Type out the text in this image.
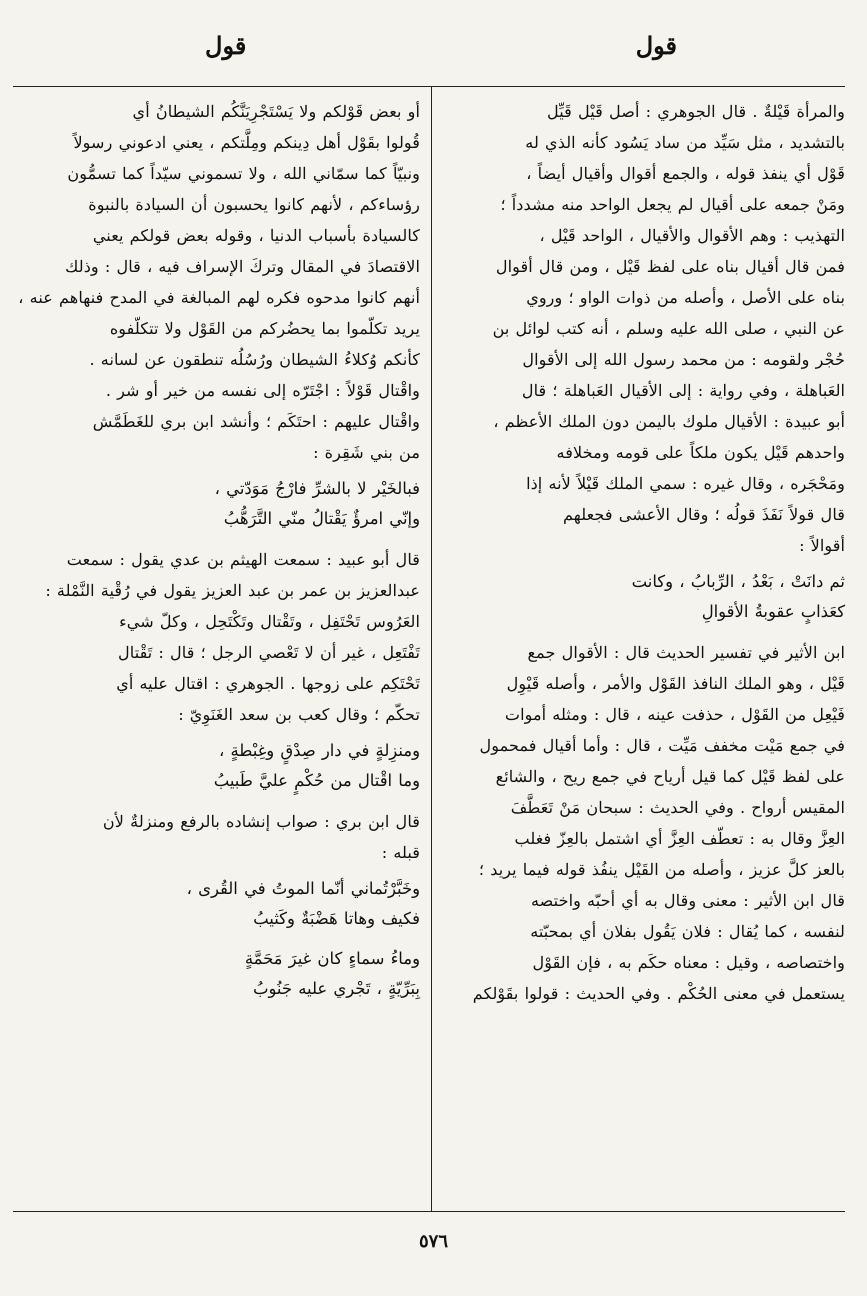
قول
قول
والمرأة قَيْلةٌ . قال الجوهري : أصل قَيْل قَيِّل
بالتشديد ، مثل سَيِّد من ساد يَسُود كأنه الذي له
قَوْل أي ينفذ قوله ، والجمع أقوال وأقيال أيضاً ،
ومَنْ جمعه على أقيال لم يجعل الواحد منه مشدداً ؛
التهذيب : وهم الأقوال والأقيال ، الواحد قَيْل ،
فمن قال أقيال بناه على لفظ قَيْل ، ومن قال أقوال
بناه على الأصل ، وأصله من ذوات الواو ؛ وروي
عن النبي ، صلى الله عليه وسلم ، أنه كتب لوائل بن
حُجْر ولقومه : من محمد رسول الله إلى الأقوال
العَباهلة ، وفي رواية : إلى الأقيال العَباهلة ؛ قال
أبو عبيدة : الأقيال ملوك باليمن دون الملك الأعظم ،
واحدهم قَيْل يكون ملكاً على قومه ومخلافه
ومَحْجَره ، وقال غيره : سمي الملك قَيْلاً لأنه إذا
قال قولاً نَفَذَ قولُه ؛ وقال الأعشى فجعلهم
أقوالاً :
ثم دانَتْ ، بَعْدُ ، الرِّبابُ ، وكانت
كعَذابٍ عقوبةُ الأقوالِ
ابن الأثير في تفسير الحديث قال : الأقوال جمع
قَيْل ، وهو الملك النافذ القَوْل والأمر ، وأصله قَيْوِل
فَيْعِل من القَوْل ، حذفت عينه ، قال : ومثله أموات
في جمع مَيْت مخفف مَيِّت ، قال : وأما أقيال فمحمول
على لفظ قَيْل كما قيل أرياح في جمع ريح ، والشائع
المقيس أرواح . وفي الحديث : سبحان مَنْ تَعَطَّفَ
العِزَّ وقال به : تعطّف العِزَّ أي اشتمل بالعِزّ فغلب
بالعز كلَّ عزيز ، وأصله من القَيْل ينفُذ قوله فيما يريد ؛
قال ابن الأثير : معنى وقال به أي أحبّه واختصه
لنفسه ، كما يُقال : فلان يَقُول بفلان أي بمحبّته
واختصاصه ، وقيل : معناه حكَم به ، فإن القَوْل
يستعمل في معنى الحُكْم . وفي الحديث : قولوا بقَوْلكم
أو بعض قَوْلكم ولا يَسْتَجْرِيَنَّكُم الشيطانُ أي
قُولوا بقَوْل أهل دِينكم ومِلَّتكم ، يعني ادعوني رسولاً
ونبيّاً كما سمّاني الله ، ولا تسموني سيّداً كما تسمُّون
رؤساءكم ، لأنهم كانوا يحسبون أن السيادة بالنبوة
كالسيادة بأسباب الدنيا ، وقوله بعض قولكم يعني
الاقتصادَ في المقال وتركَ الإسراف فيه ، قال : وذلك
أنهم كانوا مدحوه فكره لهم المبالغة في المدح فنهاهم عنه ،
يريد تكلّموا بما يحضُركم من القَوْل ولا تتكلّفوه
كأنكم وُكلاءُ الشيطان ورُسُلُه تنطقون عن لسانه .
واقْتال قَوْلاً : اجْتَرّه إلى نفسه من خير أو شر .
واقْتال عليهم : احتَكَم ؛ وأنشد ابن بري للغَطَمَّش
من بني شَقِرة :
فبالخَيْر لا بالشرِّ فارْجُ مَوَدّتي ،
وإنّي امرؤٌ يَقْتالُ منّي التَّرَهُّبُ
قال أبو عبيد : سمعت الهيثم بن عدي يقول : سمعت
عبدالعزيز بن عمر بن عبد العزيز يقول في رُقْية النَّمْلة :
العَرُوس تَحْتَفِل ، وتَقْتال وتَكْتَحِل ، وكلّ شيء
تَفْتَعِل ، غير أن لا تَعْصي الرجل ؛ قال : تَقْتال
تَحْتَكِم على زوجها . الجوهري : اقتال عليه أي
تحكّم ؛ وقال كعب بن سعد الغَنَوِيّ :
ومنزِلةٍ في دار صِدْقٍ وغِبْطةٍ ،
وما اقْتال من حُكْمٍ عليَّ طَبيبُ
قال ابن بري : صواب إنشاده بالرفع ومنزلةٌ لأن
قبله :
وخَبَّرْتُماني أنّما الموتُ في القُرى ،
فكيف وهاتا هَضْبَةٌ وكَثيبُ
وماءُ سماءٍ كان غيرَ مَحَمَّةٍ
بِبَرِّيّةٍ ، تَجْري عليه جَنُوبُ
٥٧٦
